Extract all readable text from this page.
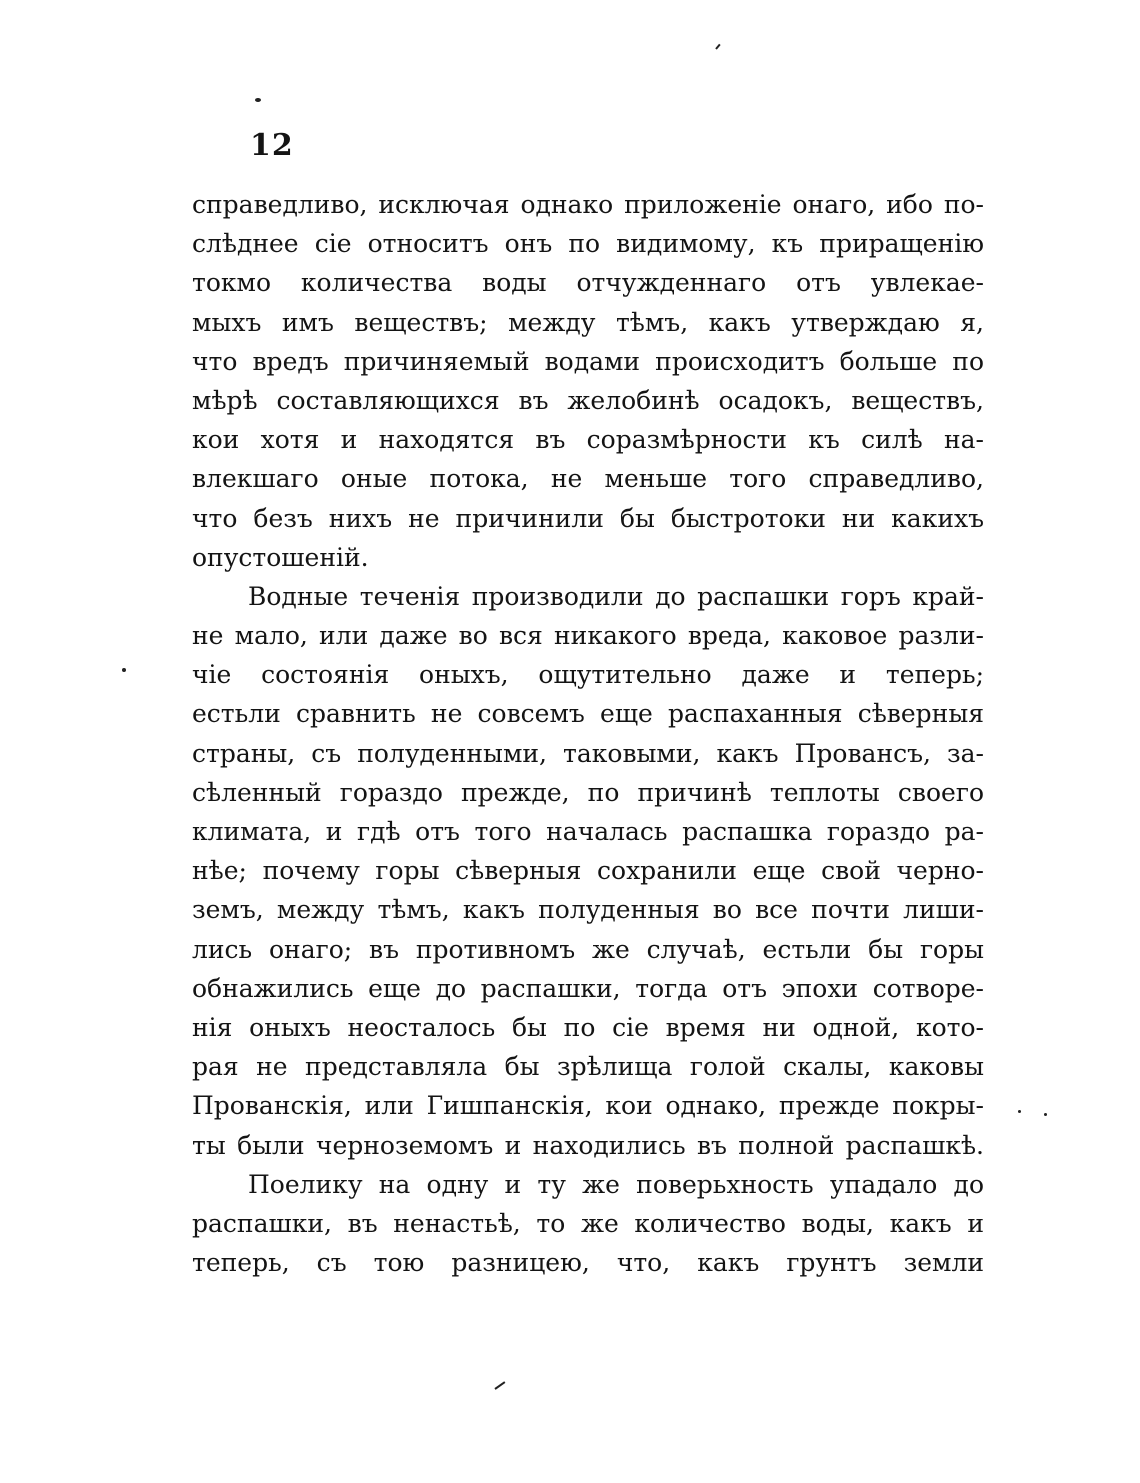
12
справедливо, исключая однако приложеніе онаго, ибо по-
слѣднее сіе относитъ онъ по видимому, къ приращенію
токмо количества воды отчужденнаго отъ увлекае-
мыхъ имъ веществъ; между тѣмъ, какъ утверждаю я,
что вредъ причиняемый водами происходитъ больше по
мѣрѣ составляющихся въ желобинѣ осадокъ, веществъ,
кои хотя и находятся въ соразмѣрности къ силѣ на-
влекшаго оные потока, не меньше того справедливо,
что безъ нихъ не причинили бы быстротоки ни какихъ
опустошеній.
Водные теченія производили до распашки горъ край-
не мало, или даже во вся никакого вреда, каковое разли-
чіе состоянія оныхъ, ощутительно даже и теперь;
естьли сравнить не совсемъ еще распаханныя сѣверныя
страны, съ полуденными, таковыми, какъ Провансъ, за-
сѣленный гораздо прежде, по причинѣ теплоты своего
климата, и гдѣ отъ того началась распашка гораздо ра-
нѣе; почему горы сѣверныя сохранили еще свой черно-
земъ, между тѣмъ, какъ полуденныя во все почти лиши-
лись онаго; въ противномъ же случаѣ, естьли бы горы
обнажились еще до распашки, тогда отъ эпохи сотворе-
нія оныхъ неосталось бы по сіе время ни одной, кото-
рая не представляла бы зрѣлища голой скалы, каковы
Прованскія, или Гишпанскія, кои однако, прежде покры-
ты были черноземомъ и находились въ полной распашкѣ.
Поелику на одну и ту же поверьхность упадало до
распашки, въ ненастьѣ, то же количество воды, какъ и
теперь, съ тою разницею, что, какъ грунтъ земли
